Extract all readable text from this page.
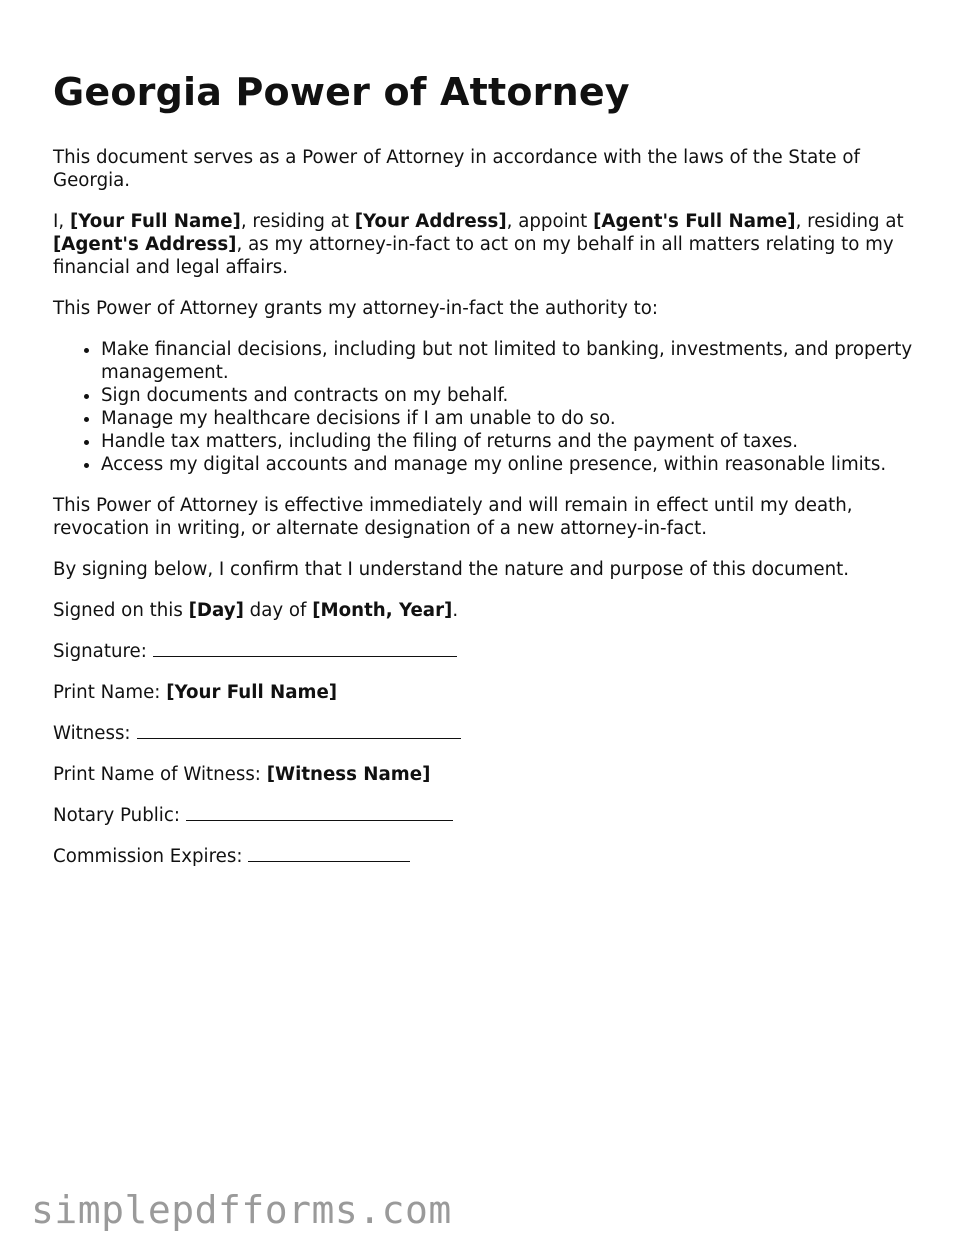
Georgia Power of Attorney

This document serves as a Power of Attorney in accordance with the laws of the State of Georgia.

I, [Your Full Name], residing at [Your Address], appoint [Agent's Full Name], residing at [Agent's Address], as my attorney-in-fact to act on my behalf in all matters relating to my financial and legal affairs.

This Power of Attorney grants my attorney-in-fact the authority to:

• Make financial decisions, including but not limited to banking, investments, and property management.
• Sign documents and contracts on my behalf.
• Manage my healthcare decisions if I am unable to do so.
• Handle tax matters, including the filing of returns and the payment of taxes.
• Access my digital accounts and manage my online presence, within reasonable limits.

This Power of Attorney is effective immediately and will remain in effect until my death, revocation in writing, or alternate designation of a new attorney-in-fact.

By signing below, I confirm that I understand the nature and purpose of this document.

Signed on this [Day] day of [Month, Year].

Signature:

Print Name: [Your Full Name]

Witness:

Print Name of Witness: [Witness Name]

Notary Public:

Commission Expires:

simplepdfforms.com
